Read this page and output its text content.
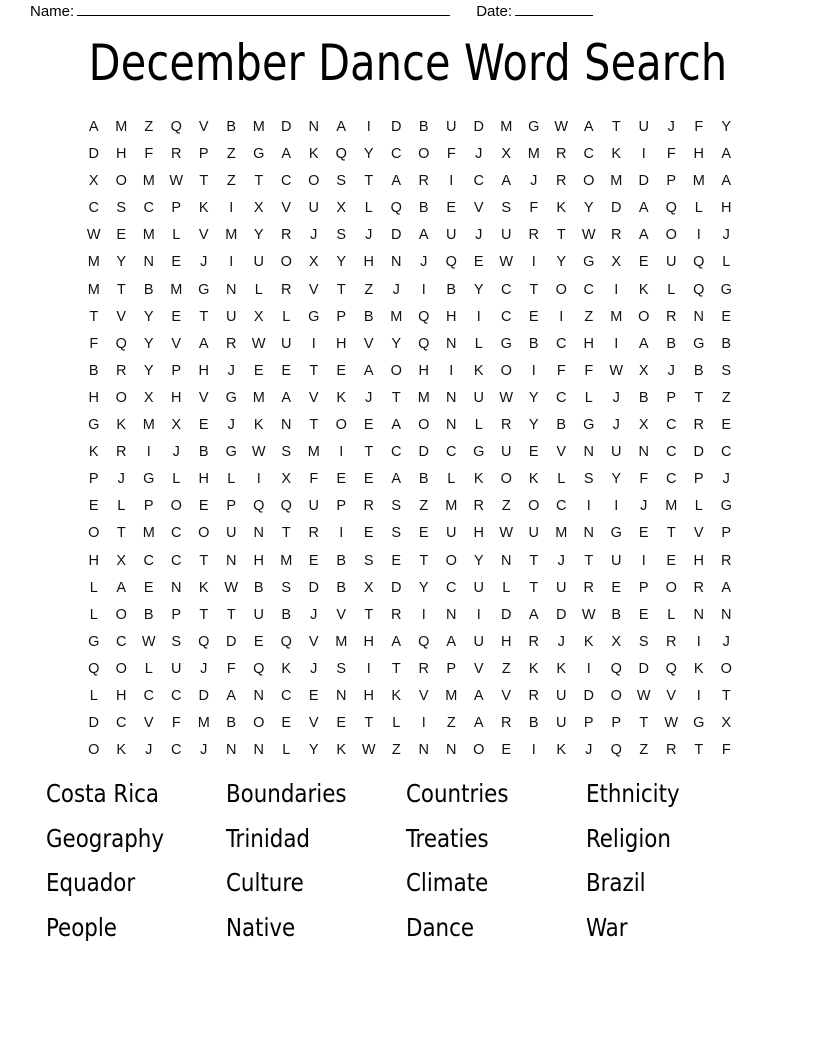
Name:	Date:
December Dance Word Search
A	M	Z	Q	V	B	M	D	N	A	I	D	B	U	D	M	G	W	A	T	U	J	F	Y
D	H	F	R	P	Z	G	A	K	Q	Y	C	O	F	J	X	M	R	C	K	I	F	H	A
X	O	M	W	T	Z	T	C	O	S	T	A	R	I	C	A	J	R	O	M	D	P	M	A
C	S	C	P	K	I	X	V	U	X	L	Q	B	E	V	S	F	K	Y	D	A	Q	L	H
W	E	M	L	V	M	Y	R	J	S	J	D	A	U	J	U	R	T	W	R	A	O	I	J
M	Y	N	E	J	I	U	O	X	Y	H	N	J	Q	E	W	I	Y	G	X	E	U	Q	L
M	T	B	M	G	N	L	R	V	T	Z	J	I	B	Y	C	T	O	C	I	K	L	Q	G
T	V	Y	E	T	U	X	L	G	P	B	M	Q	H	I	C	E	I	Z	M	O	R	N	E
F	Q	Y	V	A	R	W	U	I	H	V	Y	Q	N	L	G	B	C	H	I	A	B	G	B
B	R	Y	P	H	J	E	E	T	E	A	O	H	I	K	O	I	F	F	W	X	J	B	S
H	O	X	H	V	G	M	A	V	K	J	T	M	N	U	W	Y	C	L	J	B	P	T	Z
G	K	M	X	E	J	K	N	T	O	E	A	O	N	L	R	Y	B	G	J	X	C	R	E
K	R	I	J	B	G	W	S	M	I	T	C	D	C	G	U	E	V	N	U	N	C	D	C
P	J	G	L	H	L	I	X	F	E	E	A	B	L	K	O	K	L	S	Y	F	C	P	J
E	L	P	O	E	P	Q	Q	U	P	R	S	Z	M	R	Z	O	C	I	I	J	M	L	G
O	T	M	C	O	U	N	T	R	I	E	S	E	U	H	W	U	M	N	G	E	T	V	P
H	X	C	C	T	N	H	M	E	B	S	E	T	O	Y	N	T	J	T	U	I	E	H	R
L	A	E	N	K	W	B	S	D	B	X	D	Y	C	U	L	T	U	R	E	P	O	R	A
L	O	B	P	T	T	U	B	J	V	T	R	I	N	I	D	A	D	W	B	E	L	N	N
G	C	W	S	Q	D	E	Q	V	M	H	A	Q	A	U	H	R	J	K	X	S	R	I	J
Q	O	L	U	J	F	Q	K	J	S	I	T	R	P	V	Z	K	K	I	Q	D	Q	K	O
L	H	C	C	D	A	N	C	E	N	H	K	V	M	A	V	R	U	D	O	W	V	I	T
D	C	V	F	M	B	O	E	V	E	T	L	I	Z	A	R	B	U	P	P	T	W	G	X
O	K	J	C	J	N	N	L	Y	K	W	Z	N	N	O	E	I	K	J	Q	Z	R	T	F
Costa Rica	Boundaries	Countries	Ethnicity
Geography	Trinidad	Treaties	Religion
Equador	Culture	Climate	Brazil
People	Native	Dance	War
